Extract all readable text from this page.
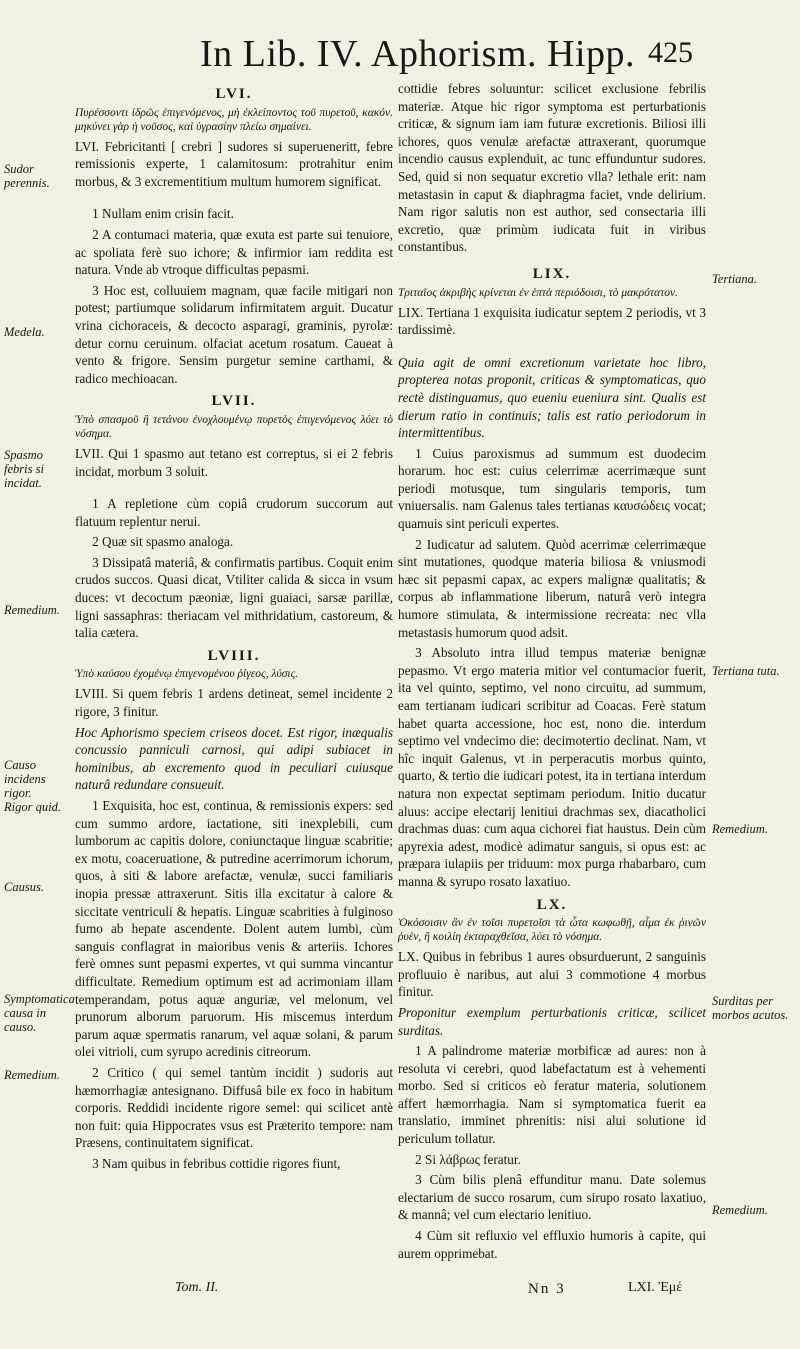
In Lib. IV. Aphorism. Hipp. 425
LVI.
Πυρέσσοντι ἱδρῶς ἐπιγενόμενος, μὴ ἐκλείποντος τοῦ πυρετοῦ, κακόν. μηκύνει γὰρ ἡ νοῦσος, καὶ ὑγρασίην πλείω σημαίνει.

LVI. Febricitanti [ crebri ] sudores si superueneritt, febre remissionis experte, 1 calamitosum: protrahitur enim morbus, & 3 excrementitium multum humorem significat.

1 Nullam enim crisin facit.

2 A contumaci materia, quæ exuta est parte sui tenuiore, ac spoliata ferè suo ichore; & infirmior iam reddita est natura. Vnde ab vtroque difficultas pepasmi.

3 Hoc est, colluuiem magnam, quæ facile mitigari non potest; partiumque solidarum infirmitatem arguit. Ducatur vrina cichoraceis, & decocto asparagi, graminis, pyrolæ: detur cornu ceruinum. olfaciat acetum rosatum. Caueat à vento & frigore. Sensim purgetur semine carthami, & radico mechioacan.

LVII.
Ὑπὸ σπασμοῦ ἢ τετάνου ἐνοχλουμένῳ πυρετὸς ἐπιγενόμενος λύει τὸ νόσημα.

LVII. Qui 1 spasmo aut tetano est correptus, si ei 2 febris incidat, morbum 3 soluit.

1 A repletione cùm copiâ crudorum succorum aut flatuum replentur nerui.

2 Quæ sit spasmo analoga.

3 Dissipatâ materiâ, & confirmatis partibus. Coquit enim crudos succos. Quasi dicat, Vtiliter calida & sicca in vsum duces: vt decoctum pæoniæ, ligni guaiaci, sarsæ parillæ, ligni sassaphras: theriacam vel mithridatium, castoreum, & talia cætera.

LVIII.
Ὑπὸ καύσου ἐχομένῳ ἐπιγενομένου ῥίγεος, λύσις.

LVIII. Si quem febris 1 ardens detineat, semel incidente 2 rigore, 3 finitur.

Hoc Aphorismo speciem criseos docet. Est rigor, inæqualis concussio panniculi carnosi, qui adipi subiacet in hominibus, ab excremento quod in peculiari cuiusque naturâ redundare consueuit.

1 Exquisita, hoc est, continua, & remissionis expers: sed cum summo ardore, iactatione, siti inexplebili, cum lumborum ac capitis dolore, coniunctaque linguæ scabritie; ex motu, coaceruatione, & putredine acerrimorum ichorum, quos, à siti & labore arefactæ, venulæ, succi familiaris inopia pressæ attraxerunt. Sitis illa excitatur à calore & siccitate ventriculi & hepatis. Linguæ scabrities à fulginoso fumo ab hepate ascendente. Dolent autem lumbi, cùm sanguis conflagrat in maioribus venis & arteriis. Ichores ferè omnes sunt pepasmi expertes, vt qui summa vincantur difficultate. Remedium optimum est ad acrimoniam illam temperandam, potus aquæ anguriæ, vel melonum, vel prunorum alborum paruorum. His miscemus interdum parum aquæ spermatis ranarum, vel aquæ solani, & parum olei vitrioli, cum syrupo acredinis citreorum.

2 Critico ( qui semel tantùm incidit ) sudoris aut hæmorrhagiæ antesignano. Diffusâ bile ex foco in habitum corporis. Reddidi incidente rigore semel: qui scilicet antè non fuit: quia Hippocrates vsus est Præterito tempore: nam Præsens, continuitatem significat.

3 Nam quibus in febribus cottidie rigores fiunt,

cottidie febres soluuntur: scilicet exclusione febrilis materiæ. Atque hic rigor symptoma est perturbationis criticæ, & signum iam iam futuræ excretionis. Biliosi illi ichores, quos venulæ arefactæ attraxerant, quorumque incendio causus explenduit, ac tunc effunduntur sudores. Sed, quid si non sequatur excretio vlla? lethale erit: nam metastasin in caput & diaphragma faciet, vnde delirium. Nam rigor salutis non est author, sed consectaria illi excretio, quæ primùm iudicata fuit in viribus constantibus.

LIX.
Τριταῖος ἀκριβὴς κρίνεται ἐν ἑπτὰ περιόδοισι, τὸ μακρότατον.

LIX. Tertiana 1 exquisita iudicatur septem 2 periodis, vt 3 tardissimè.

Quia agit de omni excretionum varietate hoc libro, propterea notas proponit, criticas & symptomaticas, quo rectè distinguamus, quo eueniu eueniura sint. Qualis est dierum ratio in continuis; talis est ratio periodorum in intermittentibus.

1 Cuius paroxismus ad summum est duodecim horarum. hoc est: cuius celerrimæ acerrimæque sunt periodi motusque, tum singularis temporis, tum vniuersalis. nam Galenus tales tertianas καυσώδεις vocat; quamuis sint periculi expertes.

2 Iudicatur ad salutem. Quòd acerrimæ celerrimæque sint mutationes, quodque materia biliosa & vniusmodi hæc sit pepasmi capax, ac expers malignæ qualitatis; & corpus ab inflammatione liberum, naturâ verò integra humore stimulata, & intermissione recreata: nec vlla metastasis humorum quod adsit.

3 Absoluto intra illud tempus materiæ benignæ pepasmo. Vt ergo materia mitior vel contumacior fuerit, ita vel quinto, septimo, vel nono circuitu, ad summum, eam tertianam iudicari scribitur ad Coacas. Ferè statum habet quarta accessione, hoc est, nono die. interdum septimo vel vndecimo die: decimotertio declinat. Nam, vt hîc inquit Galenus, vt in perperacutis morbus quinto, quarto, & tertio die iudicari potest, ita in tertiana interdum natura non expectat septimam periodum. Initio ducatur aluus: accipe electarij lenitiui drachmas sex, diacatholici drachmas duas: cum aqua cichorei fiat haustus. Dein cùm apyrexia adest, modicè adimatur sanguis, si opus est: ac præpara iulapiis per triduum: mox purga rhabarbaro, cum manna & syrupo rosato laxatiuo.

LX.
Ὁκόσοισιν ἂν ἐν τοῖσι πυρετοῖσι τὰ ὦτα κωφωθῇ, αἷμα ἐκ ῥινῶν ῥυὲν, ἢ κοιλίη ἐκταραχθεῖσα, λύει τὸ νόσημα.

LX. Quibus in febribus 1 aures obsurduerunt, 2 sanguinis profluuio è naribus, aut alui 3 commotione 4 morbus finitur.

Proponitur exemplum perturbationis criticæ, scilicet surditas.

1 A palindrome materiæ morbificæ ad aures: non à resoluta vi cerebri, quod labefactatum est à vehementi morbo. Sed si criticos eò feratur materia, solutionem affert hæmorrhagia. Nam si symptomatica fuerit ea translatio, imminet phrenitis: nisi alui solutione id periculum tollatur.

2 Si λάβρως feratur.

3 Cùm bilis plenâ effunditur manu. Date solemus electarium de succo rosarum, cum sirupo rosato laxatiuo, & mannâ; vel cum electario lenitiuo.

4 Cùm sit refluxio vel effluxio humoris à capite, qui aurem opprimebat.

Sudor perennis.
Medela.
Spasmo febris si incidat.
Remedium.
Causo incidens rigor.
Rigor quid.
Causus.
Symptomatica causa in causo.
Remedium.
Tertiana.
Tertiana tuta.
Remedium.
Surditas per morbos acutos.
Remedium.
Tom. II.	Nn 3	LXI. Ἐμέ
